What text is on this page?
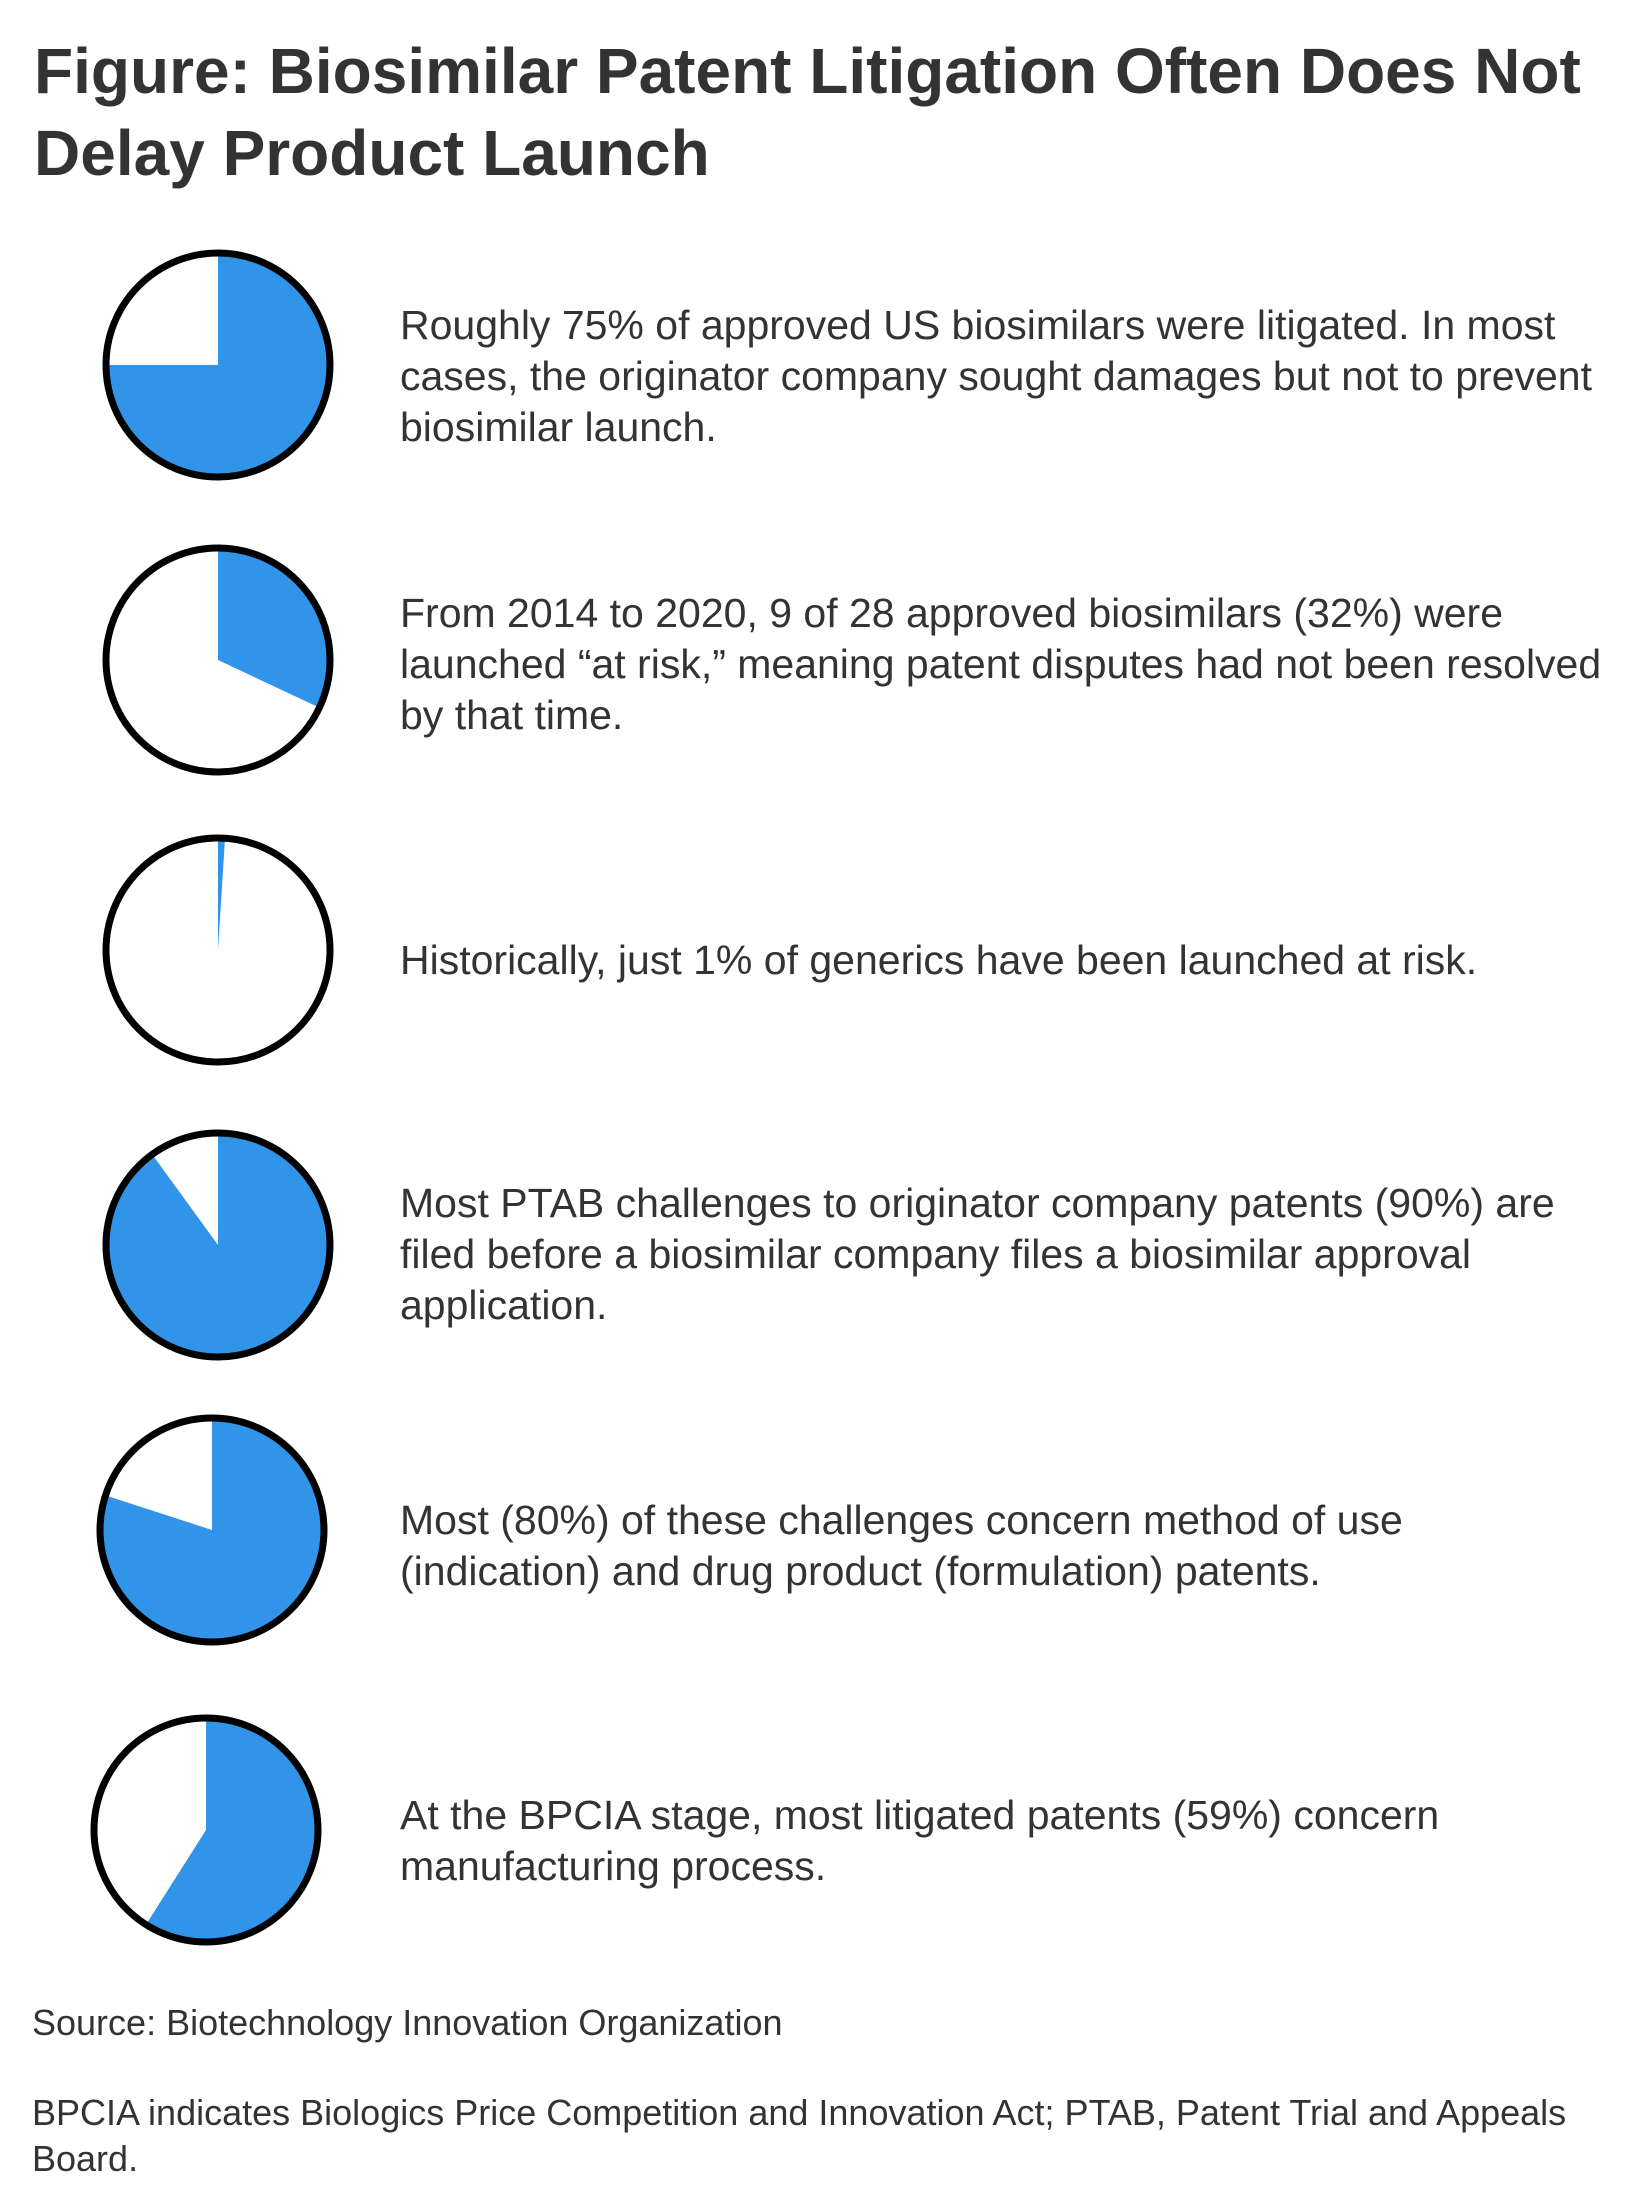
Figure: Biosimilar Patent Litigation Often Does Not Delay Product Launch
Roughly 75% of approved US biosimilars were litigated. In most cases, the originator company sought damages but not to prevent biosimilar launch.
From 2014 to 2020, 9 of 28 approved biosimilars (32%) were launched “at risk,” meaning patent disputes had not been resolved by that time.
Historically, just 1% of generics have been launched at risk.
Most PTAB challenges to originator company patents (90%) are filed before a biosimilar company files a biosimilar approval application.
Most (80%) of these challenges concern method of use (indication) and drug product (formulation) patents.
At the BPCIA stage, most litigated patents (59%) concern manufacturing process.
Source: Biotechnology Innovation Organization
BPCIA indicates Biologics Price Competition and Innovation Act; PTAB, Patent Trial and Appeals Board.
